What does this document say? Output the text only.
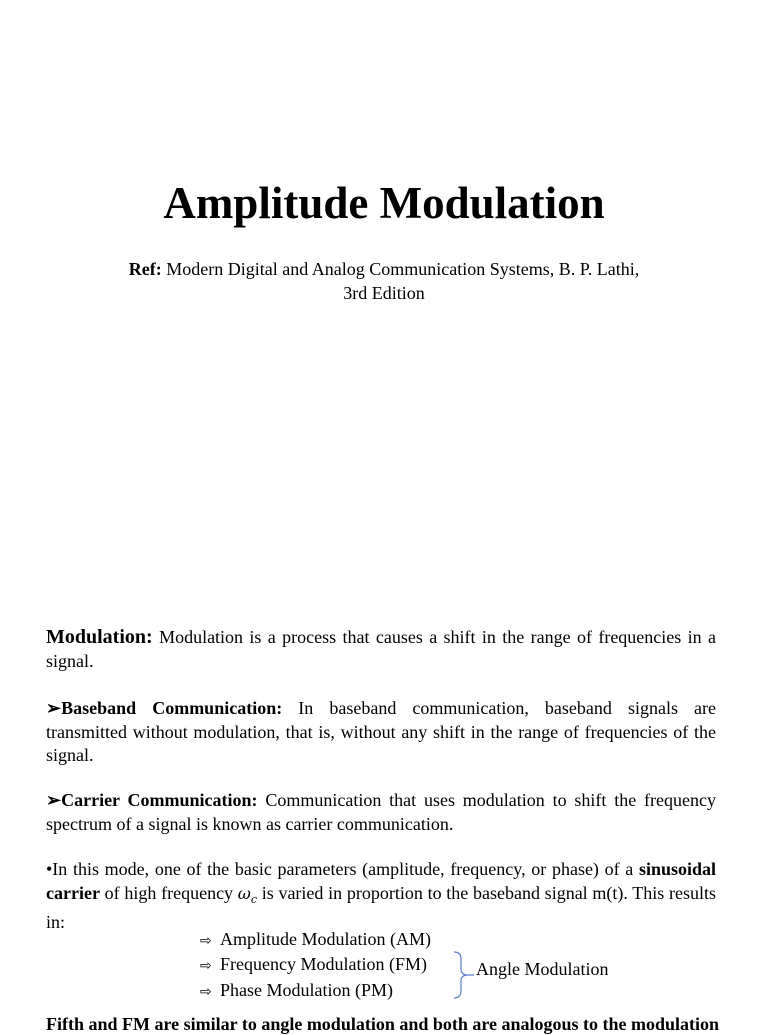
Amplitude Modulation
Ref: Modern Digital and Analog Communication Systems, B. P. Lathi, 3rd Edition
Modulation: Modulation is a process that causes a shift in the range of frequencies in a signal.
➢Baseband Communication: In baseband communication, baseband signals are transmitted without modulation, that is, without any shift in the range of frequencies of the signal.
➢Carrier Communication: Communication that uses modulation to shift the frequency spectrum of a signal is known as carrier communication.
•In this mode, one of the basic parameters (amplitude, frequency, or phase) of a sinusoidal carrier of high frequency $\omega_c$ is varied in proportion to the baseband signal m(t). This results in:
⇨ Amplitude Modulation (AM)
⇨ Frequency Modulation (FM)
⇨ Phase Modulation (PM)
Angle Modulation
Fifth and FM are similar to angle modulation and both are analogous to the modulation
